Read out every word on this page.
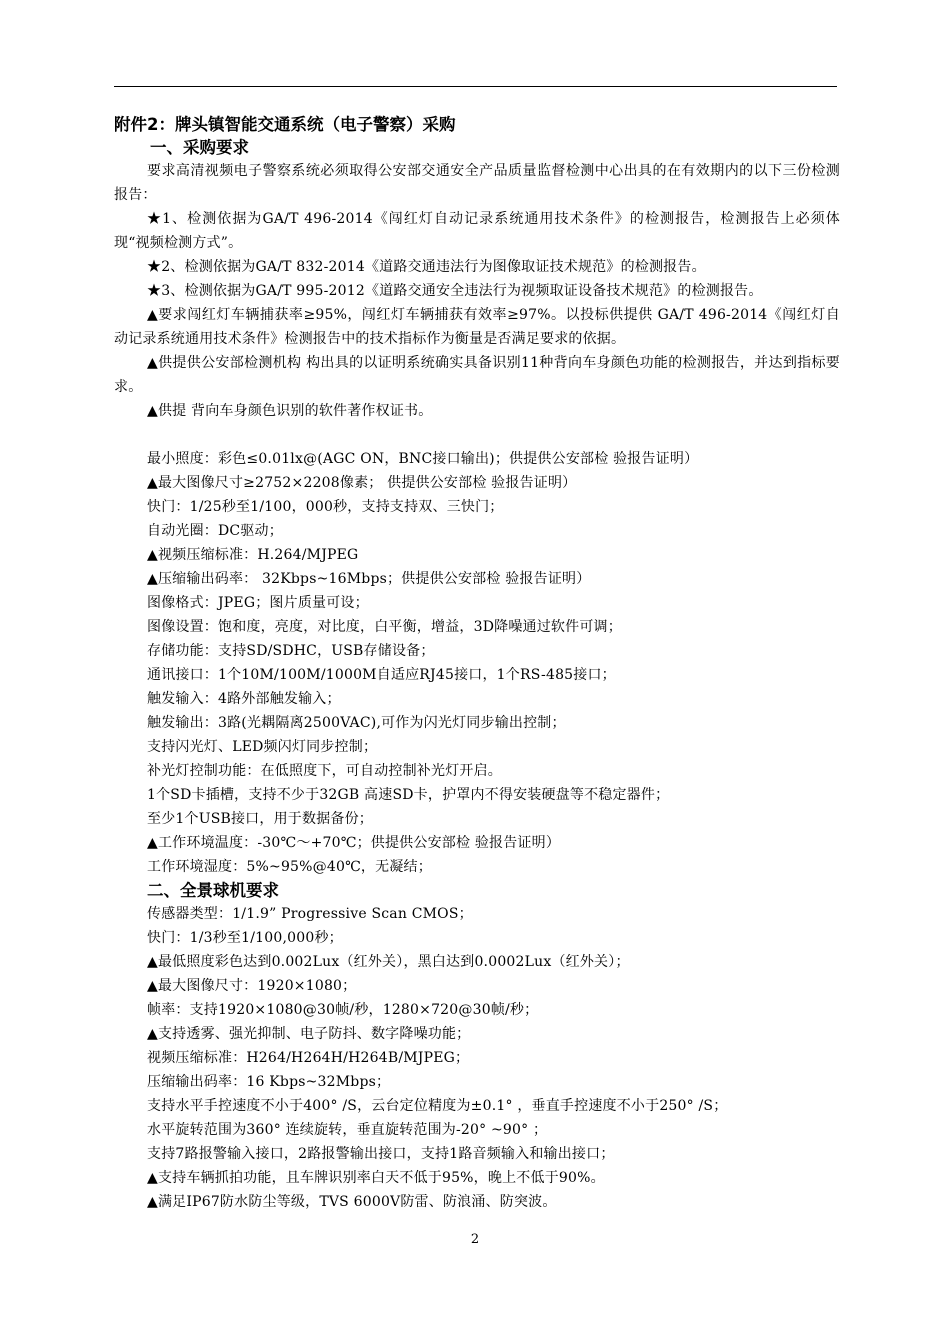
附件2：牌头镇智能交通系统（电子警察）采购
一、采购要求
要求高清视频电子警察系统必须取得公安部交通安全产品质量监督检测中心出具的在有效期内的以下三份检测报告：
★1、检测依据为GA/T 496-2014《闯红灯自动记录系统通用技术条件》的检测报告，检测报告上必须体现“视频检测方式”。
★2、检测依据为GA/T 832-2014《道路交通违法行为图像取证技术规范》的检测报告。
★3、检测依据为GA/T 995-2012《道路交通安全违法行为视频取证设备技术规范》的检测报告。
▲要求闯红灯车辆捕获率≥95%，闯红灯车辆捕获有效率≥97%。以投标供提供 GA/T 496-2014《闯红灯自动记录系统通用技术条件》检测报告中的技术指标作为衡量是否满足要求的依据。
▲供提供公安部检测机构 构出具的以证明系统确实具备识别11种背向车身颜色功能的检测报告，并达到指标要求。
▲供提 背向车身颜色识别的软件著作权证书。
最小照度：彩色≤0.01lx@(AGC ON，BNC接口输出)；供提供公安部检 验报告证明）
▲最大图像尺寸≥2752×2208像素； 供提供公安部检 验报告证明）
快门：1/25秒至1/100，000秒，支持支持双、三快门；
自动光圈：DC驱动；
▲视频压缩标准：H.264/MJPEG
▲压缩输出码率： 32Kbps~16Mbps；供提供公安部检 验报告证明）
图像格式：JPEG；图片质量可设；
图像设置：饱和度，亮度，对比度，白平衡，增益，3D降噪通过软件可调；
存储功能：支持SD/SDHC，USB存储设备；
通讯接口：1个10M/100M/1000M自适应RJ45接口，1个RS-485接口；
触发输入：4路外部触发输入；
触发输出：3路(光耦隔离2500VAC),可作为闪光灯同步输出控制；
支持闪光灯、LED频闪灯同步控制；
补光灯控制功能：在低照度下，可自动控制补光灯开启。
1个SD卡插槽，支持不少于32GB 高速SD卡，护罩内不得安装硬盘等不稳定器件；
至少1个USB接口，用于数据备份；
▲工作环境温度：-30℃～+70℃；供提供公安部检 验报告证明）
工作环境湿度：5%~95%@40℃，无凝结；
二、全景球机要求
传感器类型：1/1.9” Progressive Scan CMOS；
快门：1/3秒至1/100,000秒；
▲最低照度彩色达到0.002Lux（红外关），黑白达到0.0002Lux（红外关）；
▲最大图像尺寸：1920×1080；
帧率：支持1920×1080@30帧/秒，1280×720@30帧/秒；
▲支持透雾、强光抑制、电子防抖、数字降噪功能；
视频压缩标准：H264/H264H/H264B/MJPEG；
压缩输出码率：16 Kbps~32Mbps；
支持水平手控速度不小于400° /S，云台定位精度为±0.1° ，垂直手控速度不小于250° /S；
水平旋转范围为360° 连续旋转，垂直旋转范围为-20° ~90° ；
支持7路报警输入接口，2路报警输出接口，支持1路音频输入和输出接口；
▲支持车辆抓拍功能，且车牌识别率白天不低于95%，晚上不低于90%。
▲满足IP67防水防尘等级，TVS 6000V防雷、防浪涌、防突波。
2
